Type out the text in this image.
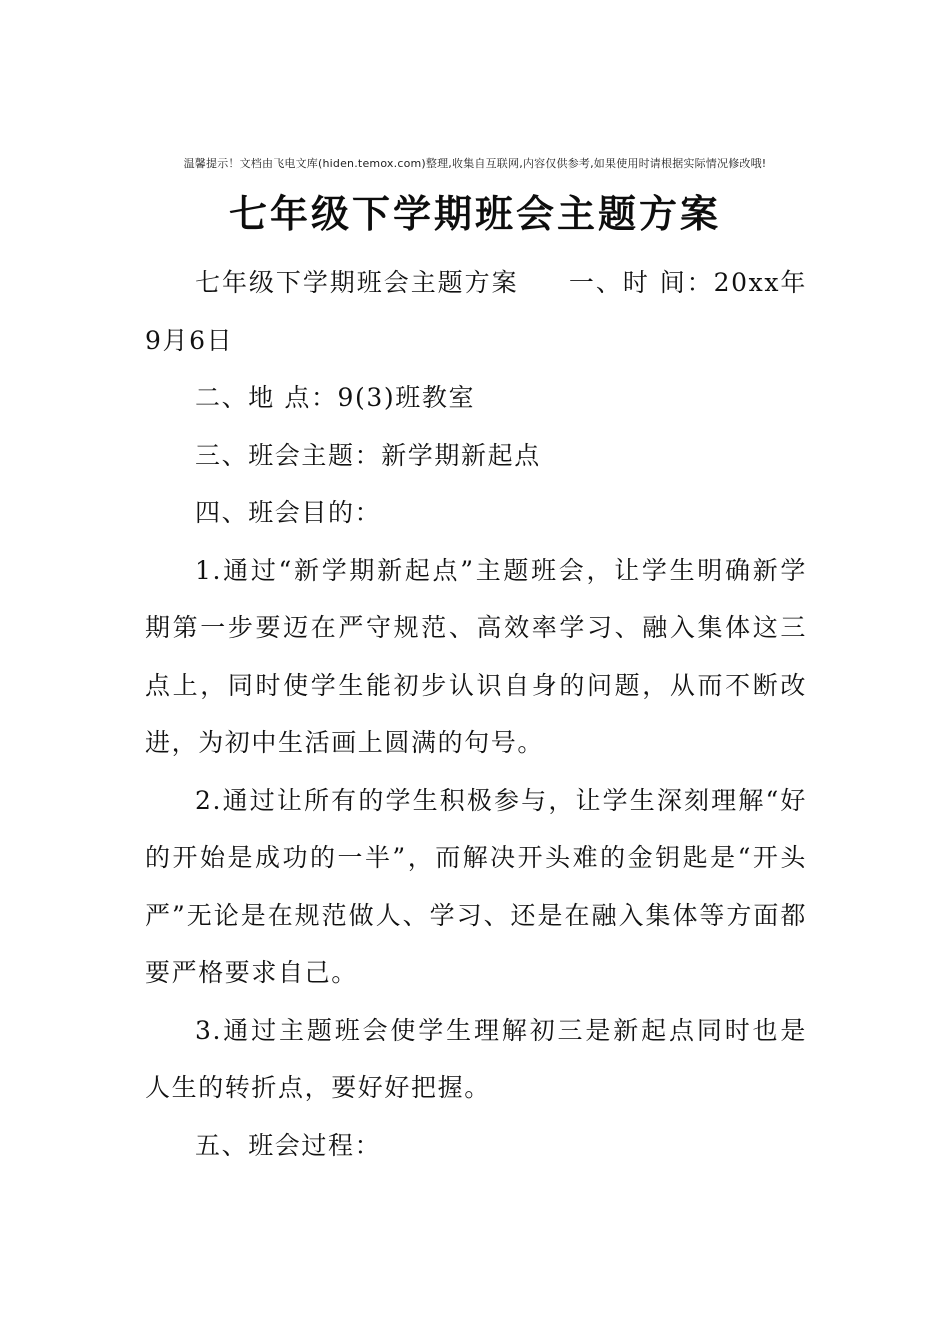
温馨提示！文档由飞电文库(hiden.temox.com)整理,收集自互联网,内容仅供参考,如果使用时请根据实际情况修改哦!
七年级下学期班会主题方案

七年级下学期班会主题方案 一、时 间：20xx年9月6日

二、地 点：9(3)班教室

三、班会主题：新学期新起点

四、班会目的：

1.通过“新学期新起点”主题班会，让学生明确新学期第一步要迈在严守规范、高效率学习、融入集体这三点上，同时使学生能初步认识自身的问题，从而不断改进，为初中生活画上圆满的句号。

2.通过让所有的学生积极参与，让学生深刻理解“好的开始是成功的一半”，而解决开头难的金钥匙是“开头严”无论是在规范做人、学习、还是在融入集体等方面都要严格要求自己。

3.通过主题班会使学生理解初三是新起点同时也是人生的转折点，要好好把握。

五、班会过程：
